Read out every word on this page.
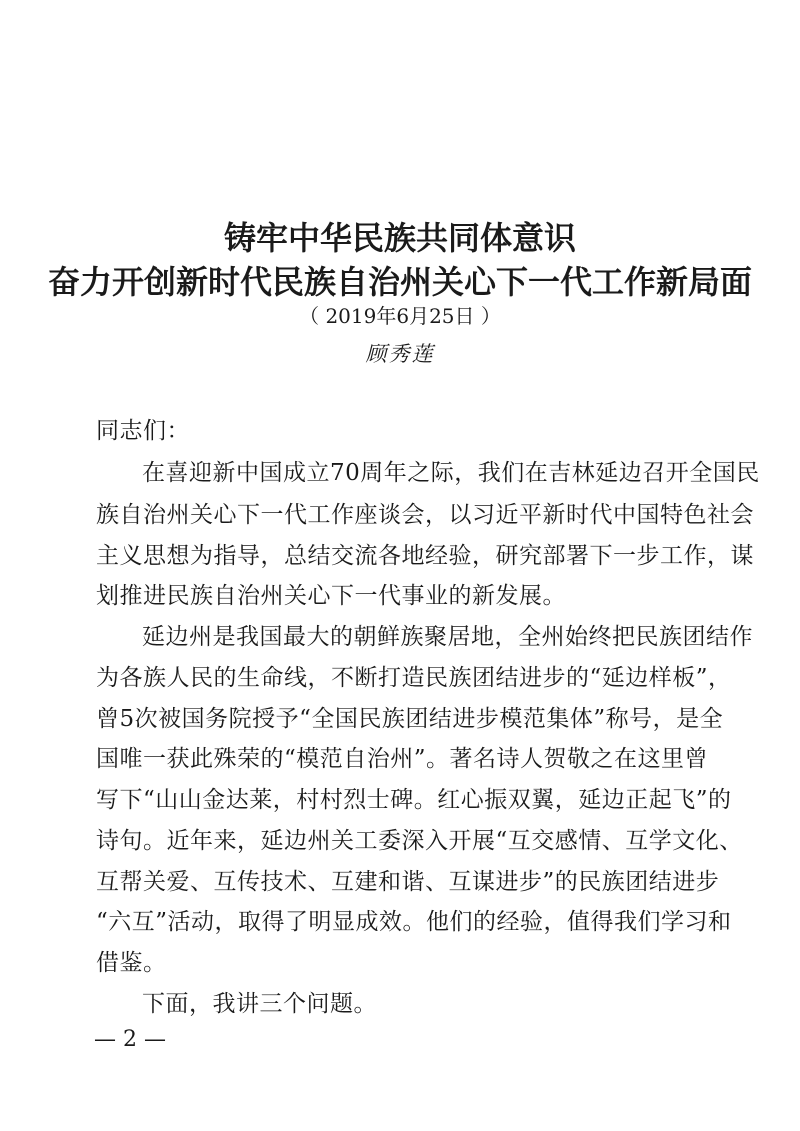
铸牢中华民族共同体意识
奋力开创新时代民族自治州关心下一代工作新局面
（ 2019年6月25日 ）
顾秀莲
同志们：
在喜迎新中国成立70周年之际，我们在吉林延边召开全国民
族自治州关心下一代工作座谈会，以习近平新时代中国特色社会
主义思想为指导，总结交流各地经验，研究部署下一步工作，谋
划推进民族自治州关心下一代事业的新发展。
延边州是我国最大的朝鲜族聚居地，全州始终把民族团结作
为各族人民的生命线，不断打造民族团结进步的“延边样板”，
曾5次被国务院授予“全国民族团结进步模范集体”称号，是全
国唯一获此殊荣的“模范自治州”。著名诗人贺敬之在这里曾
写下“山山金达莱，村村烈士碑。红心振双翼，延边正起飞”的
诗句。近年来，延边州关工委深入开展“互交感情、互学文化、
互帮关爱、互传技术、互建和谐、互谋进步”的民族团结进步
“六互”活动，取得了明显成效。他们的经验，值得我们学习和
借鉴。
下面，我讲三个问题。
— 2 —
